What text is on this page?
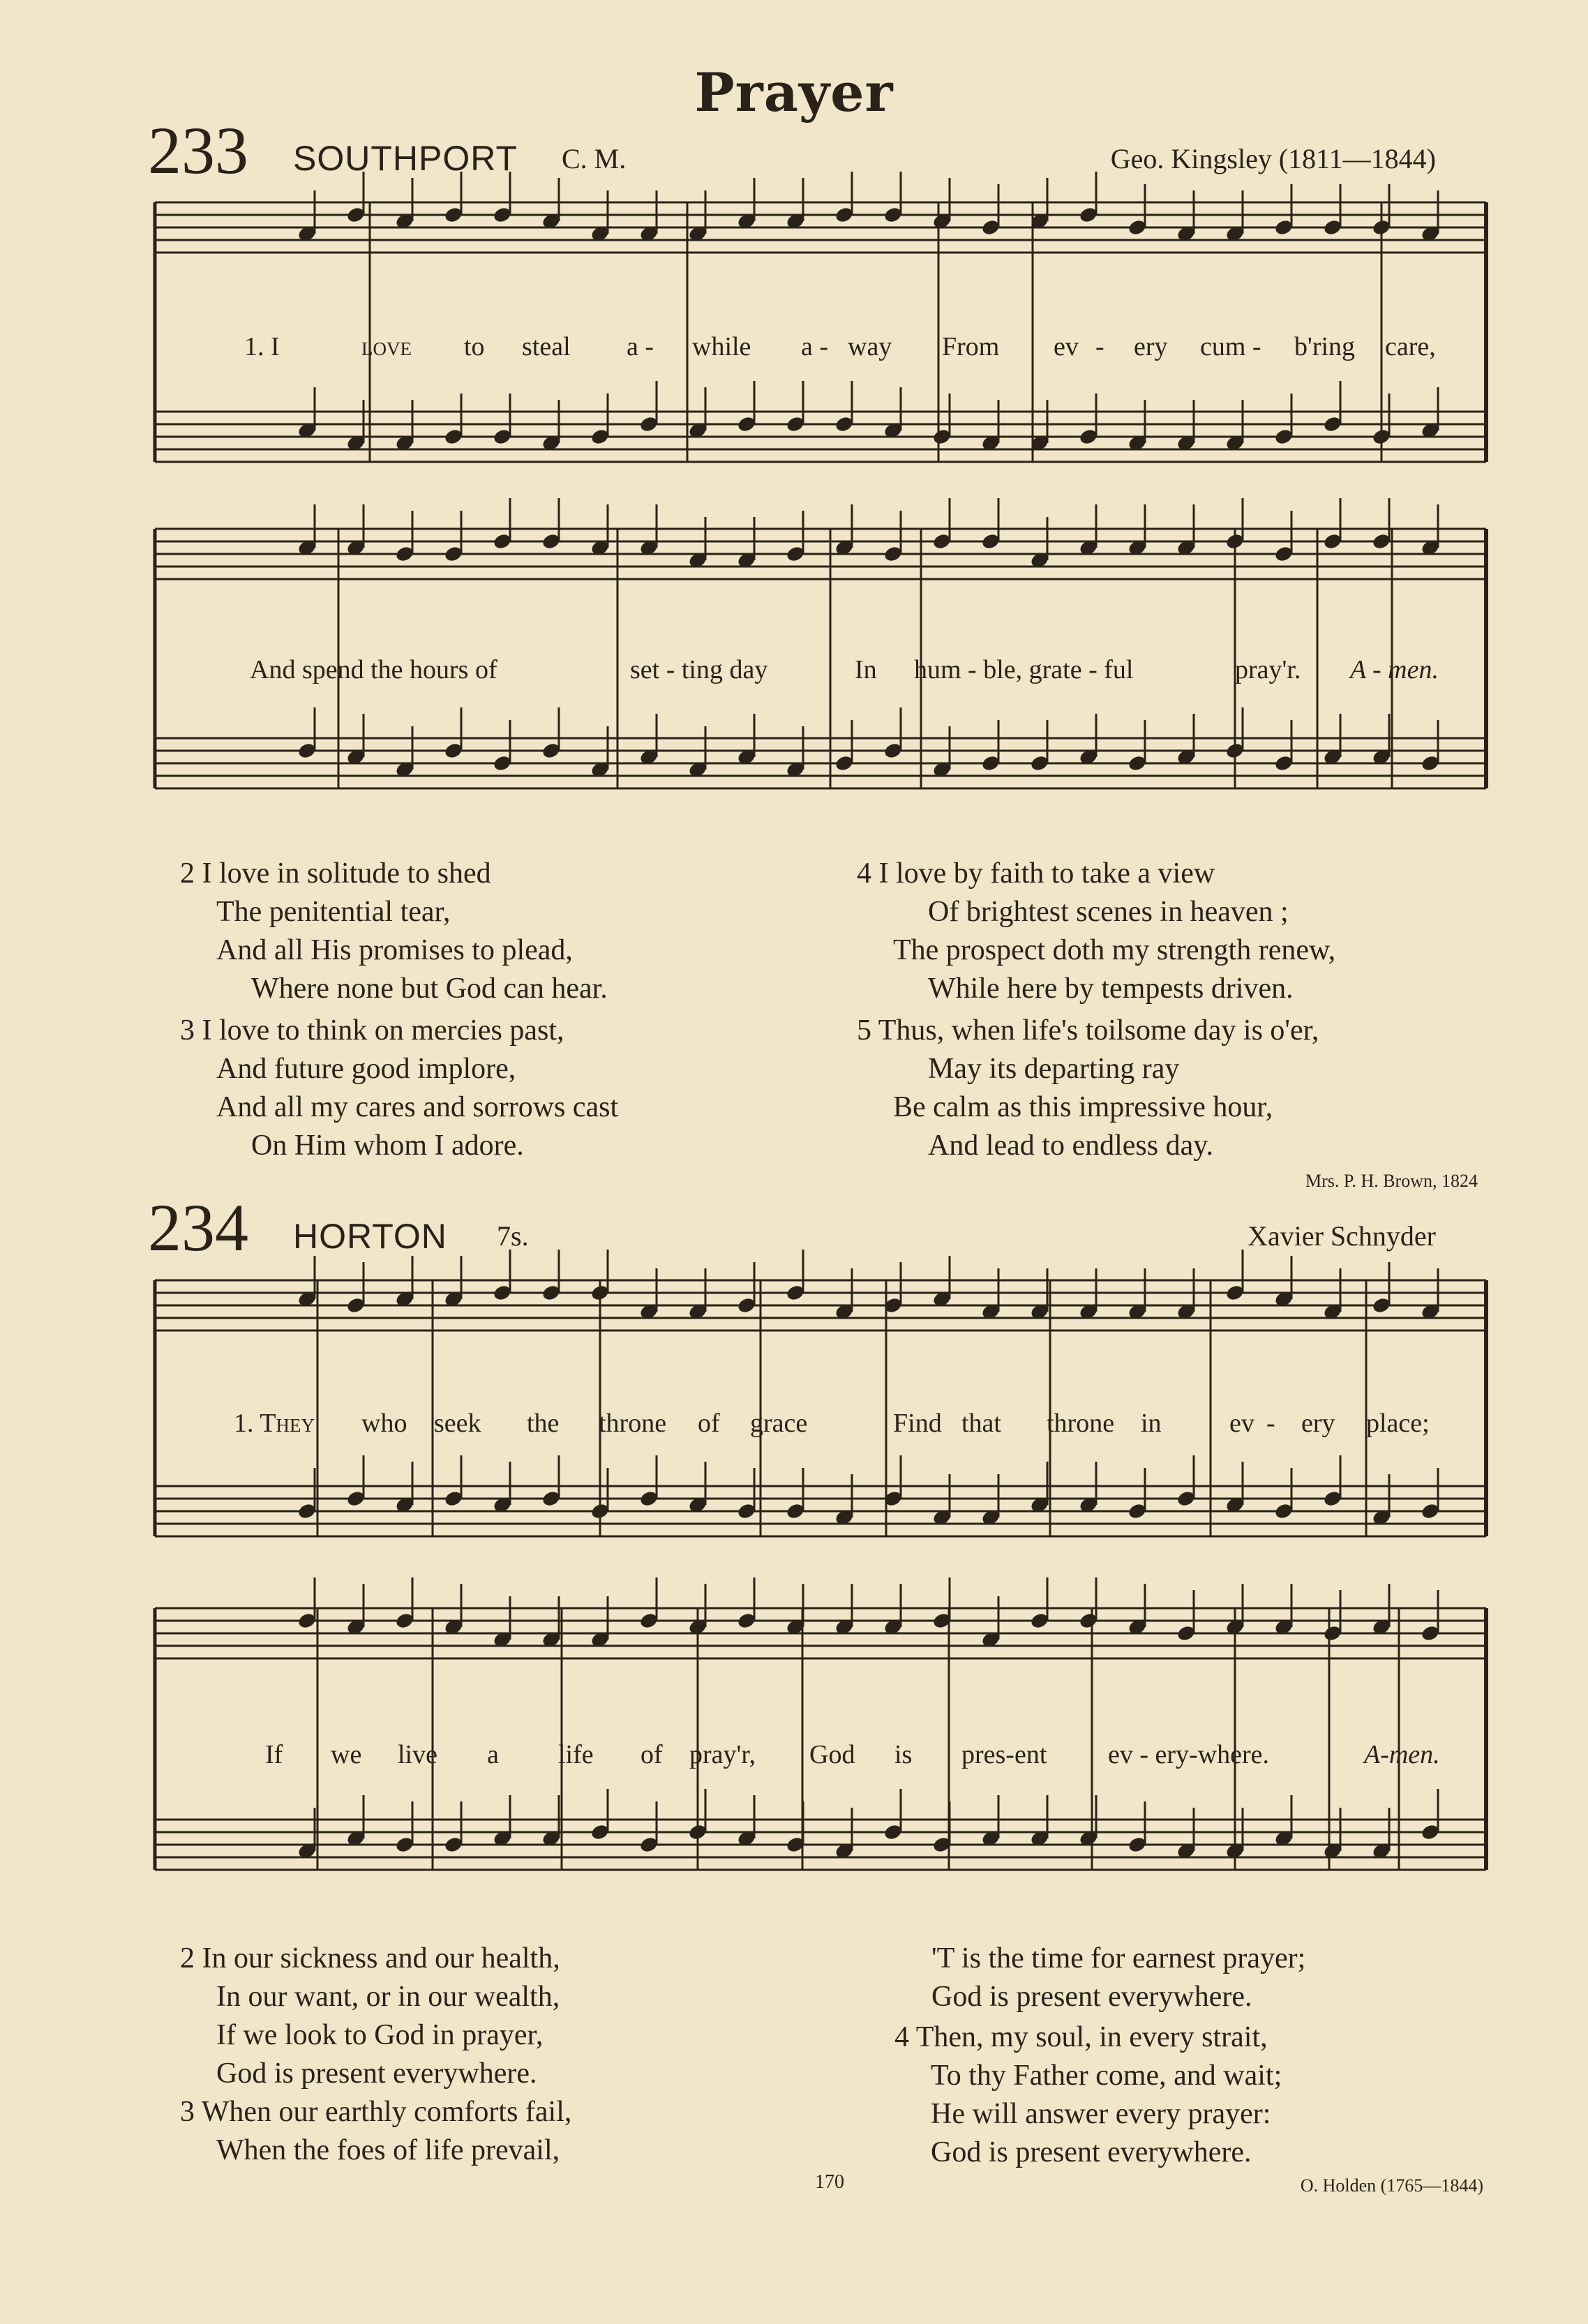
Prayer
233 SOUTHPORT C. M.	Geo. Kingsley (1811—1844)
1. I	love to steal a - while a - way From ev - ery cum - b'ring care,
And spend the hours of	set - ting day	In hum - ble, grate - ful	pray'r. A - men.
2 I love in solitude to shed
The penitential tear,
And all His promises to plead,
Where none but God can hear.
3 I love to think on mercies past,
And future good implore,
And all my cares and sorrows cast
On Him whom I adore.
4 I love by faith to take a view
Of brightest scenes in heaven ;
The prospect doth my strength renew,
While here by tempests driven.
5 Thus, when life's toilsome day is o'er,
May its departing ray
Be calm as this impressive hour,
And lead to endless day.
Mrs. P. H. Brown, 1824
234 HORTON 7s.	Xavier Schnyder
1. They who seek the throne of grace	Find that throne in	ev - ery place;
If we live a life of pray'r, God is pres-ent ev - ery-where.	A-men.
2 In our sickness and our health,
In our want, or in our wealth,
If we look to God in prayer,
God is present everywhere.
3 When our earthly comforts fail,
When the foes of life prevail,
'T is the time for earnest prayer;
God is present everywhere.
4 Then, my soul, in every strait,
To thy Father come, and wait;
He will answer every prayer:
God is present everywhere.
O. Holden (1765—1844)
170
